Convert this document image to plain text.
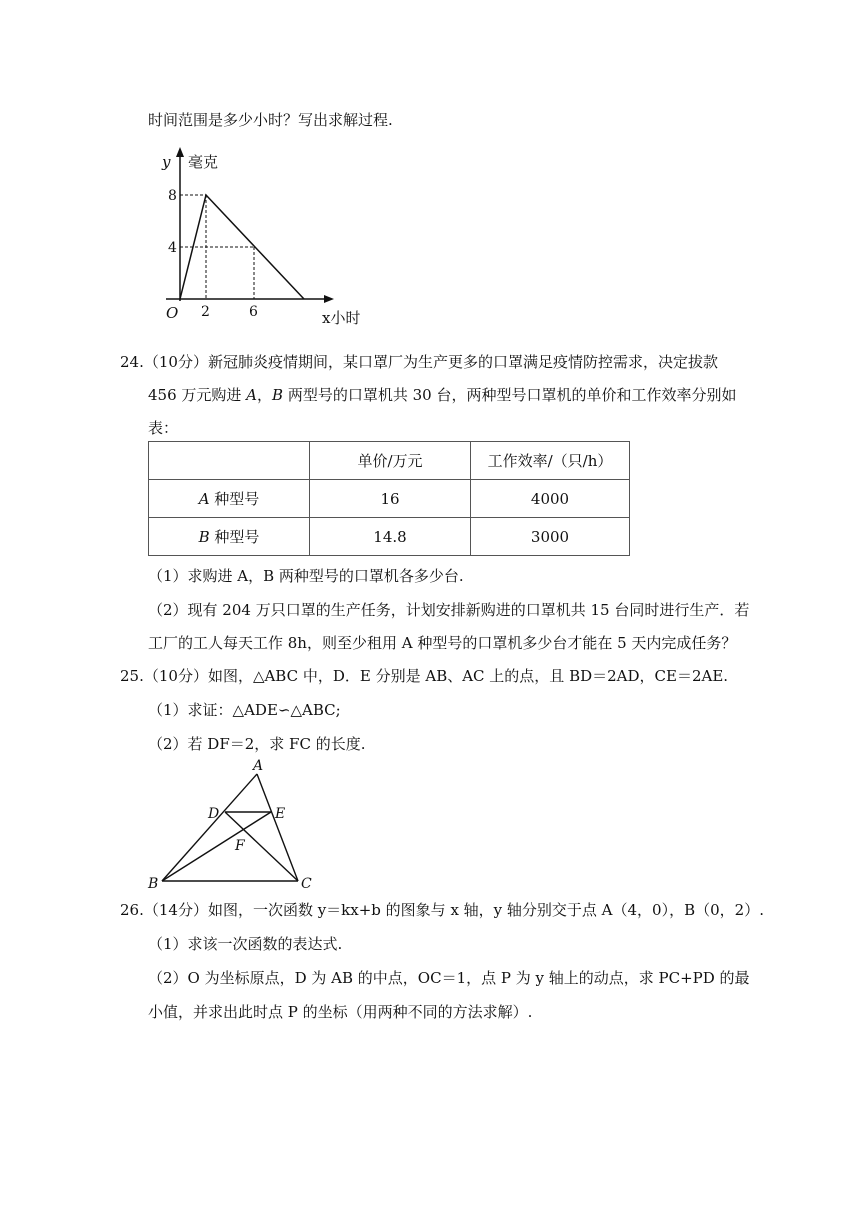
时间范围是多少小时？写出求解过程.
y 毫克
8
4
O 2	6	x小时
24.（10分）新冠肺炎疫情期间，某口罩厂为生产更多的口罩满足疫情防控需求，决定拔款
456 万元购进 A，B 两型号的口罩机共 30 台，两种型号口罩机的单价和工作效率分别如
表：
	单价/万元	工作效率/（只/h）
A 种型号	16	4000
B 种型号	14.8	3000
（1）求购进 A，B 两种型号的口罩机各多少台.
（2）现有 204 万只口罩的生产任务，计划安排新购进的口罩机共 15 台同时进行生产．若
工厂的工人每天工作 8h，则至少租用 A 种型号的口罩机多少台才能在 5 天内完成任务？
25.（10分）如图，△ABC 中，D．E 分别是 AB、AC 上的点，且 BD＝2AD，CE＝2AE.
（1）求证：△ADE∽△ABC;
（2）若 DF＝2，求 FC 的长度.
A
B	C
D	E
F
26.（14分）如图，一次函数 y＝kx+b 的图象与 x 轴，y 轴分别交于点 A（4，0），B（0，2）.
（1）求该一次函数的表达式.
（2）O 为坐标原点，D 为 AB 的中点，OC＝1，点 P 为 y 轴上的动点，求 PC+PD 的最
小值，并求出此时点 P 的坐标（用两种不同的方法求解）.
